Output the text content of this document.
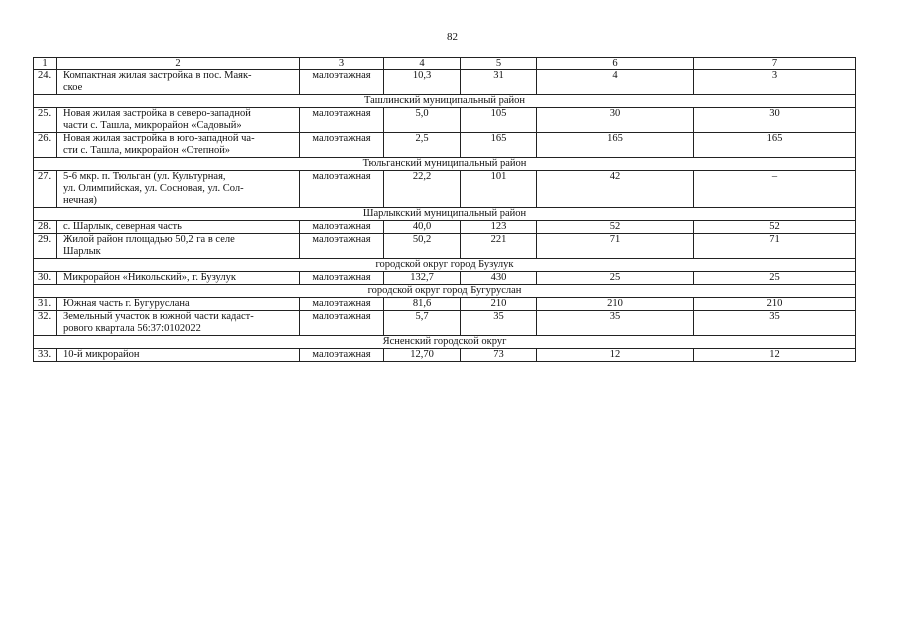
82
1	2	3	4	5	6	7
24.	Компактная жилая застройка в пос. Маяк-
ское	малоэтажная	10,3	31	4	3
Ташлинский муниципальный район						
25.	Новая жилая застройка в северо-западной
части с. Ташла, микрорайон «Садовый»	малоэтажная	5,0	105	30	30
26.	Новая жилая застройка в юго-западной ча-
сти с. Ташла, микрорайон «Степной»	малоэтажная	2,5	165	165	165
Тюльганский муниципальный район						
27.	5-6 мкр. п. Тюльган (ул. Культурная,
ул. Олимпийская, ул. Сосновая, ул. Сол-
нечная)	малоэтажная	22,2	101	42	–
Шарлыкский муниципальный район						
28.	с. Шарлык, северная часть	малоэтажная	40,0	123	52	52
29.	Жилой район площадью 50,2 га в селе
Шарлык	малоэтажная	50,2	221	71	71
городской округ город Бузулук						
30.	Микрорайон «Никольский», г. Бузулук	малоэтажная	132,7	430	25	25
городской округ город Бугуруслан						
31.	Южная часть г. Бугуруслана	малоэтажная	81,6	210	210	210
32.	Земельный участок в южной части кадаст-
рового квартала 56:37:0102022	малоэтажная	5,7	35	35	35
Ясненский городской округ						
33.	10-й микрорайон	малоэтажная	12,70	73	12	12
